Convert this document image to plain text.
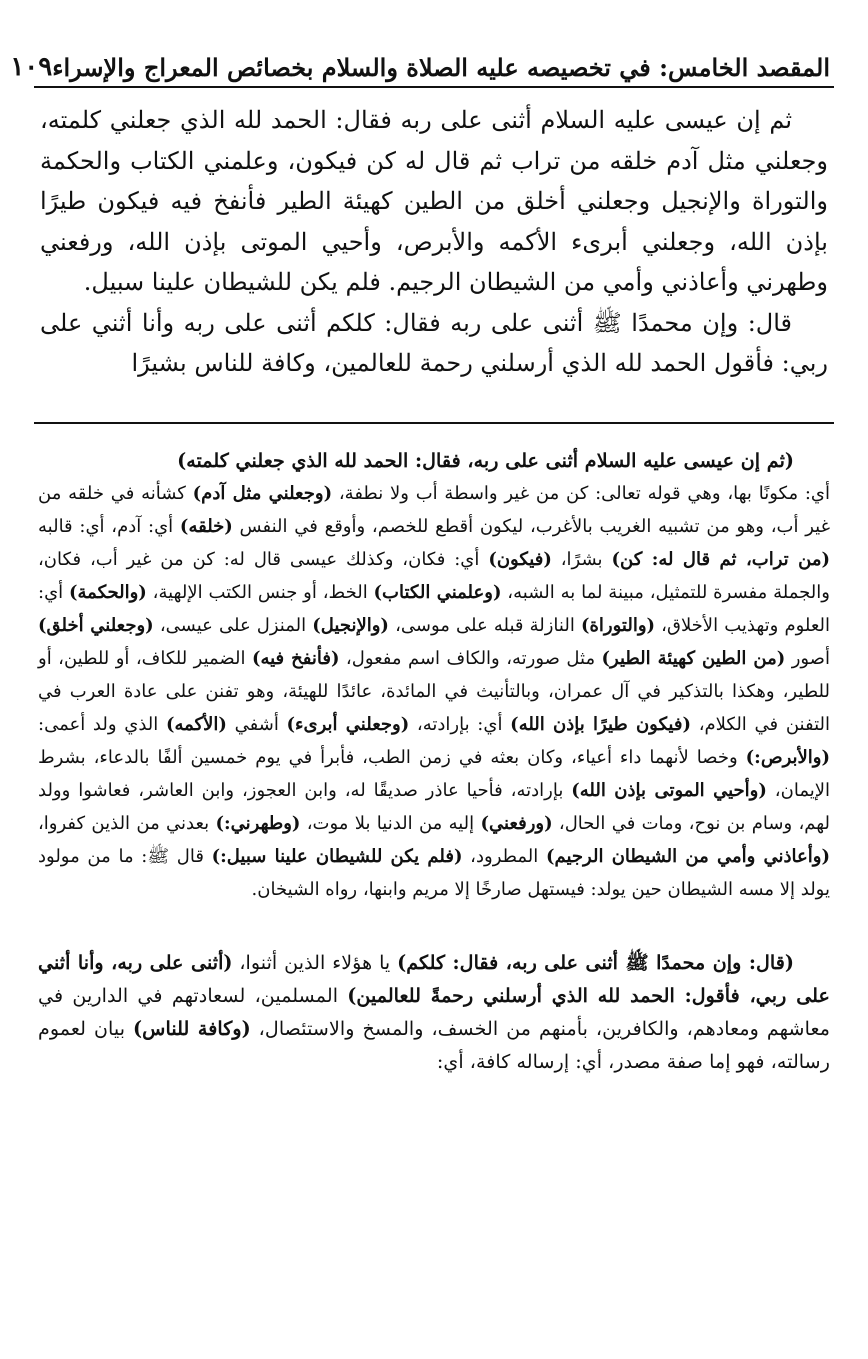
المقصد الخامس: في تخصيصه عليه الصلاة والسلام بخصائص المعراج والإسراء
١٠٩

ثم إن عيسى عليه السلام أثنى على ربه فقال: الحمد لله الذي جعلني كلمته، وجعلني مثل آدم خلقه من تراب ثم قال له كن فيكون، وعلمني الكتاب والحكمة والتوراة والإنجيل وجعلني أخلق من الطين كهيئة الطير فأنفخ فيه فيكون طيرًا بإذن الله، وجعلني أبرىء الأكمه والأبرص، وأحيي الموتى بإذن الله، ورفعني وطهرني وأعاذني وأمي من الشيطان الرجيم. فلم يكن للشيطان علينا سبيل.

قال: وإن محمدًا ﷺ أثنى على ربه فقال: كلكم أثنى على ربه وأنا أثني على ربي: فأقول الحمد لله الذي أرسلني رحمة للعالمين، وكافة للناس بشيرًا

(ثم إن عيسى عليه السلام أثنى على ربه، فقال: الحمد لله الذي جعلني كلمته)

أي: مكونًا بها، وهي قوله تعالى: كن من غير واسطة أب ولا نطفة، (وجعلني مثل آدم) كشأنه في خلقه من غير أب، وهو من تشبيه الغريب بالأغرب، ليكون أقطع للخصم، وأوقع في النفس (خلقه) أي: آدم، أي: قالبه (من تراب، ثم قال له: كن) بشرًا، (فيكون) أي: فكان، وكذلك عيسى قال له: كن من غير أب، فكان، والجملة مفسرة للتمثيل، مبينة لما به الشبه، (وعلمني الكتاب) الخط، أو جنس الكتب الإلهية، (والحكمة) أي: العلوم وتهذيب الأخلاق، (والتوراة) النازلة قبله على موسى، (والإنجيل) المنزل على عيسى، (وجعلني أخلق) أصور (من الطين كهيئة الطير) مثل صورته، والكاف اسم مفعول، (فأنفخ فيه) الضمير للكاف، أو للطين، أو للطير، وهكذا بالتذكير في آل عمران، وبالتأنيث في المائدة، عائدًا للهيئة، وهو تفنن على عادة العرب في التفنن في الكلام، (فيكون طيرًا بإذن الله) أي: بإرادته، (وجعلني أبرىء) أشفي (الأكمه) الذي ولد أعمى: (والأبرص:) وخصا لأنهما داء أعياء، وكان بعثه في زمن الطب، فأبرأ في يوم خمسين ألفًا بالدعاء، بشرط الإيمان، (وأحيي الموتى بإذن الله) بإرادته، فأحيا عاذر صديقًا له، وابن العجوز، وابن العاشر، فعاشوا وولد لهم، وسام بن نوح، ومات في الحال، (ورفعني) إليه من الدنيا بلا موت، (وطهرني:) بعدني من الذين كفروا، (وأعاذني وأمي من الشيطان الرجيم) المطرود، (فلم يكن للشيطان علينا سبيل:) قال ﷺ: ما من مولود يولد إلا مسه الشيطان حين يولد: فيستهل صارخًا إلا مريم وابنها، رواه الشيخان.

(قال: وإن محمدًا ﷺ أثنى على ربه، فقال: كلكم) يا هؤلاء الذين أثنوا، (أثنى على ربه، وأنا أثني على ربي، فأقول: الحمد لله الذي أرسلني رحمةً للعالمين) المسلمين، لسعادتهم في الدارين في معاشهم ومعادهم، والكافرين، بأمنهم من الخسف، والمسخ والاستئصال، (وكافة للناس) بيان لعموم رسالته، فهو إما صفة مصدر، أي: إرساله كافة، أي:
